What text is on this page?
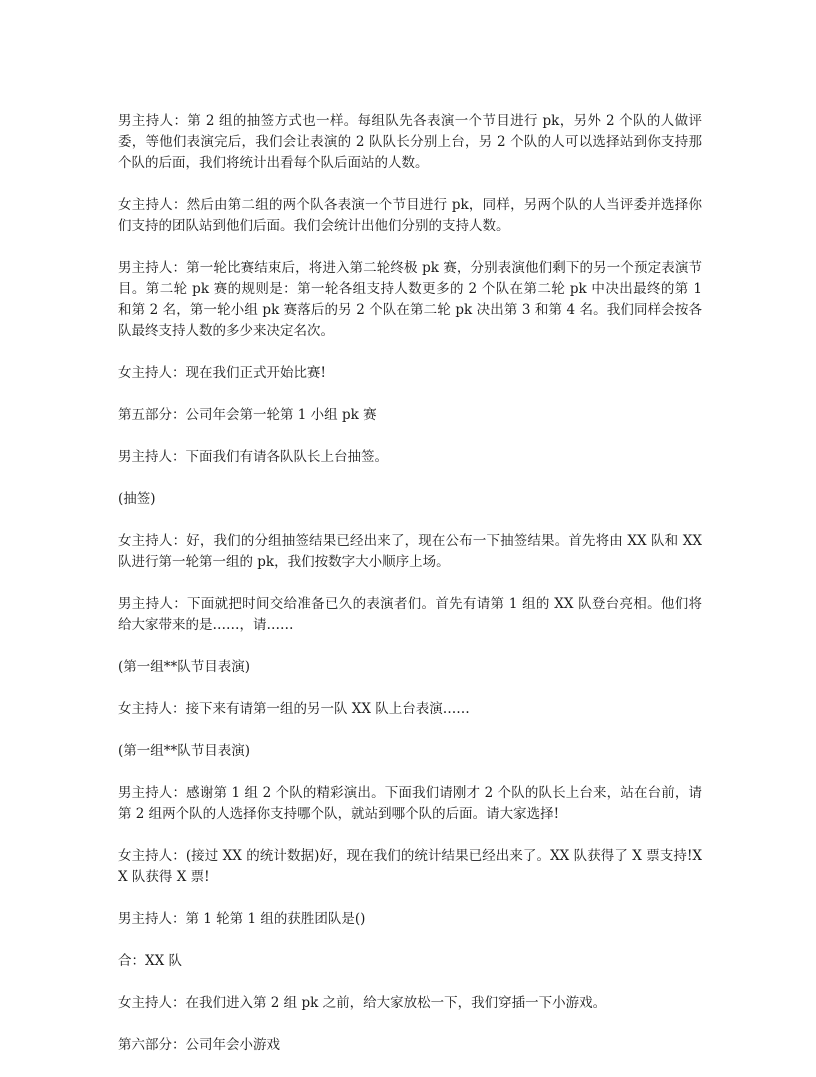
男主持人：第 2 组的抽签方式也一样。每组队先各表演一个节目进行 pk，另外 2 个队的人做评委，等他们表演完后，我们会让表演的 2 队队长分别上台，另 2 个队的人可以选择站到你支持那个队的后面，我们将统计出看每个队后面站的人数。

女主持人：然后由第二组的两个队各表演一个节目进行 pk，同样，另两个队的人当评委并选择你们支持的团队站到他们后面。我们会统计出他们分别的支持人数。

男主持人：第一轮比赛结束后，将进入第二轮终极 pk 赛，分别表演他们剩下的另一个预定表演节目。第二轮 pk 赛的规则是：第一轮各组支持人数更多的 2 个队在第二轮 pk 中决出最终的第 1 和第 2 名，第一轮小组 pk 赛落后的另 2 个队在第二轮 pk 决出第 3 和第 4 名。我们同样会按各队最终支持人数的多少来决定名次。

女主持人：现在我们正式开始比赛!

第五部分：公司年会第一轮第 1 小组 pk 赛

男主持人：下面我们有请各队队长上台抽签。

(抽签)

女主持人：好，我们的分组抽签结果已经出来了，现在公布一下抽签结果。首先将由 XX 队和 XX 队进行第一轮第一组的 pk，我们按数字大小顺序上场。

男主持人：下面就把时间交给准备已久的表演者们。首先有请第 1 组的 XX 队登台亮相。他们将给大家带来的是……，请……

(第一组**队节目表演)

女主持人：接下来有请第一组的另一队 XX 队上台表演……

(第一组**队节目表演)

男主持人：感谢第 1 组 2 个队的精彩演出。下面我们请刚才 2 个队的队长上台来，站在台前，请第 2 组两个队的人选择你支持哪个队，就站到哪个队的后面。请大家选择!

女主持人：(接过 XX 的统计数据)好，现在我们的统计结果已经出来了。XX 队获得了 X 票支持!XX 队获得 X 票!

男主持人：第 1 轮第 1 组的获胜团队是()

合：XX 队

女主持人：在我们进入第 2 组 pk 之前，给大家放松一下，我们穿插一下小游戏。

第六部分：公司年会小游戏
